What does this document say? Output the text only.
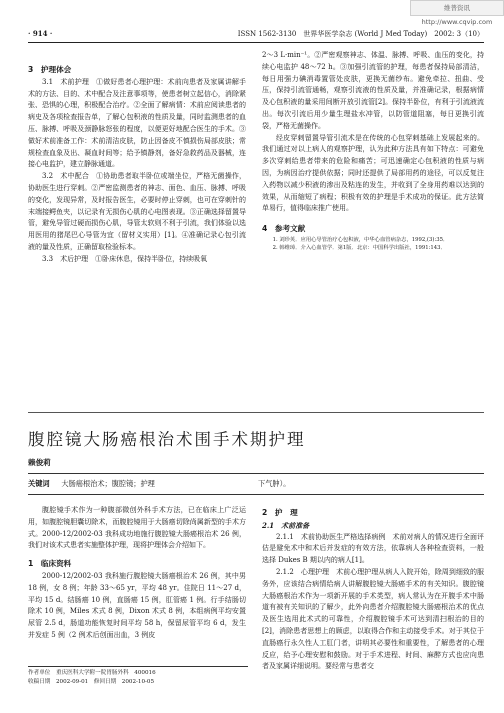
维普资讯 http://www.cqvip.com
· 914 ·	ISSN 1562-3130　世界华医学杂志 (World J Med Today)　2002: 3（10）
3　护理体会

3.1　术前护理　①做好患者心理护理：术前向患者及家属讲解手术的方法、目的、术中配合及注意事项等，使患者树立起信心，消除紧张、恐惧的心理，积极配合治疗。②全面了解病情：术前应阅读患者的病史及各项检查报告单，了解心包积液的性质及量，同时监测患者的血压、脉搏、呼吸及颈静脉怒张的程度，以便更好地配合医生的手术。③做好术前准备工作：术前清洁皮肤，防止因备皮不慎损伤局部皮肤；常规检查血象及出、凝血时间等；给予镇静剂，备好急救药品及器械，连接心电监护，建立静脉通道。

3.2　术中配合　①协助患者取半卧位或端坐位，严格无菌操作，协助医生进行穿刺。②严密监测患者的神志、面色、血压、脉搏、呼吸的变化，发现异常，及时报告医生，必要时停止穿刺，也可在穿刺针的末端接鳄鱼夹，以记录有无损伤心肌的心电图表现。③正确选择留置导管，避免导管过硬而损伤心肌，导管太软则不利于引流，我们体验以选用医用的猪尾巴心导管为宜（留材义实用）[1]。④准确记录心包引流液的量及性质，正确留取检验标本。

3.3　术后护理　①卧床休息，保持半卧位，持续吸氧

2～3 L·min⁻¹。②严密观察神志、体温、脉搏、呼吸、血压的变化，持续心电监护 48～72 h。③加强引流管的护理，每患者保持局部清洁，每日用强力碘消毒置管处皮肤，更换无菌纱布。避免牵拉、扭曲、受压，保持引流管通畅，观察引流液的性质及量，并准确记录，根据病情及心包积液的量采用间断开放引流管[2]。保持半卧位，有利于引流液流出。每次引流后用少量生理盐水冲管，以防管道阻塞，每日更换引流袋，严格无菌操作。

经皮穿刺留置导管引流术是在传统的心包穿刺基础上发展起来的。我们通过对以上病人的观察护理，认为此种方法具有如下特点：可避免多次穿刺给患者带来的危险和痛苦；可迅速确定心包积液的性质与病因，为病因治疗提供依据；同时还提供了局部用药的途径，可以反复注入药物以减少积液的渗出及粘连的发生，并收到了全身用药难以达到的效果，从而缩短了病程；积极有效的护理是手术成功的保证。此方法简单易行，值得临床推广使用。

4　参考文献

1. 刘珍英．应用心导管治疗心包积液，中华心血管病杂志，1992,(3):35．

2. 韩维璋．介入心血管学．第1版．北京：中国科学出版社，1991:143．

腹腔镜大肠癌根治术围手术期护理
赖俊莉
关键词 　 大肠癌根治术；腹腔镜；护理	下气肿）。

腹腔镜手术作为一种腹部微创外科手术方法，已在临床上广泛运用，如腹腔镜胆囊切除术，而腹腔镜用于大肠癌切除尚属新型的手术方式。2000-12/2002-03 我科成功地施行腹腔镜大肠癌根治术 26 例，我们对该术式患者实施整体护理，现将护理体会介绍如下。

1　临床资料

2000-12/2002-03 我科施行腹腔镜大肠癌根治术 26 例，其中男 18 例，女 8 例；年龄 33～65 yr，平均 48 yr。住院日 11～27 d，平均 15 d。结肠癌 10 例，直肠癌 15 例，肛管癌 1 例。行手结肠切除术 10 例，Miles 术式 8 例，Dixon 术式 8 例，本组病例平均安置尿管 2.5 d，肠道功能恢复时间平均 58 h，保留尿管平均 6 d，发生并发症 5 例（2 例术后创面出血，3 例皮

2　护　理

2.1　术前准备

2.1.1　术前协助医生严格选择病例　术前对病人的情况进行全面评估是避免术中和术后并发症的有效方法，依靠病人各种检查资料，一般选择 Dukes B 期以内的病人[1]。

2.1.2　心理护理　术前心理护理从病人入院开始，除周到细致的服务外，应该结合病情给病人讲解腹腔镜大肠癌手术的有关知识。腹腔镜大肠癌根治术作为一项新开展的手术类型，病人常认为在开腹手术中肠道有被有关知识的了解少，此外向患者介绍腹腔镜大肠癌根治术的优点及医生选用此术式的可靠性，介绍腹腔镜手术可达到清扫根治的目的[2]，消除患者思想上的顾虑，以取得合作和主动接受手术。对于其位于直肠癌行永久性人工肛门者，讲明其必要性和重要性，了解患者的心理反应，给予心理安慰和鼓励。对于手术进程、时间、麻醉方式也应向患者及家属详细说明。要经常与患者交

作者单位　重庆医科大学附一院胃肠外科　400016
收稿日期　2002-09-01　修回日期　2002-10-05
